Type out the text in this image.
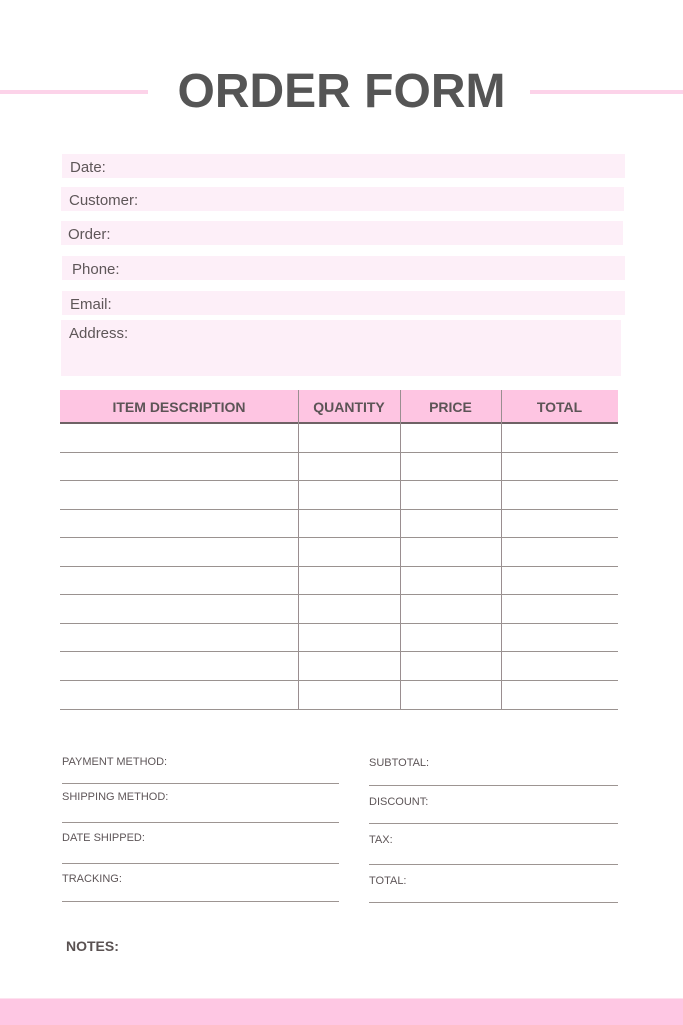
ORDER FORM
Date:
Customer:
Order:
Phone:
Email:
Address:
ITEM DESCRIPTION	QUANTITY	PRICE	TOTAL
PAYMENT METHOD:
SHIPPING METHOD:
DATE SHIPPED:
TRACKING:
SUBTOTAL:
DISCOUNT:
TAX:
TOTAL:
NOTES:
